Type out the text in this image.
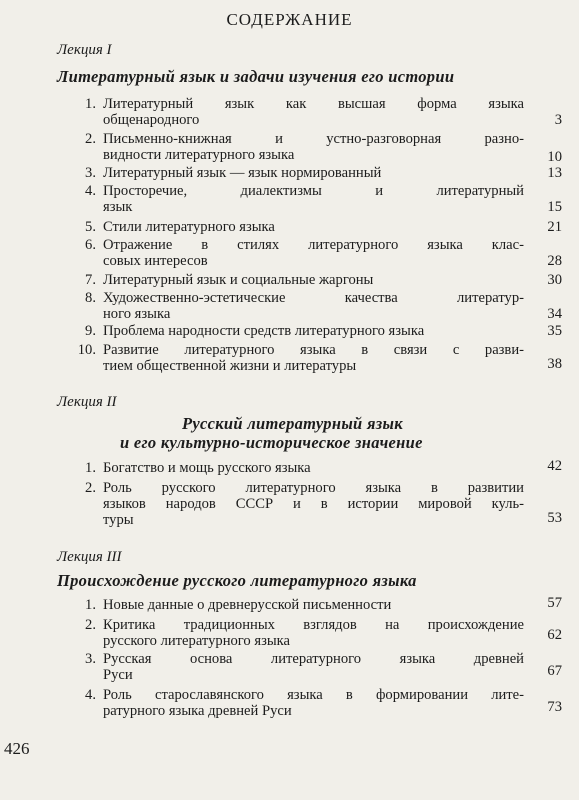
СОДЕРЖАНИЕ
Лекция I
Литературный язык и задачи изучения его истории
1. Литературный язык как высшая форма языка
общенародного	3
2. Письменно-книжная и устно-разговорная разно-
видности литературного языка	10
3. Литературный язык — язык нормированный	13
4. Просторечие, диалектизмы и литературный
язык	15
5. Стили литературного языка	21
6. Отражение в стилях литературного языка клас-
совых интересов	28
7. Литературный язык и социальные жаргоны	30
8. Художественно-эстетические качества литератур-
ного языка	34
9. Проблема народности средств литературного языка	35
10. Развитие литературного языка в связи с разви-
тием общественной жизни и литературы	38
Лекция II
Русский литературный язык
и его культурно-историческое значение
1. Богатство и мощь русского языка	42
2. Роль русского литературного языка в развитии
языков народов СССР и в истории мировой куль-
туры	53
Лекция III
Происхождение русского литературного языка
1. Новые данные о древнерусской письменности	57
2. Критика традиционных взглядов на происхождение
русского литературного языка	62
3. Русская основа литературного языка древней
Руси	67
4. Роль старославянского языка в формировании лите-
ратурного языка древней Руси	73
426
